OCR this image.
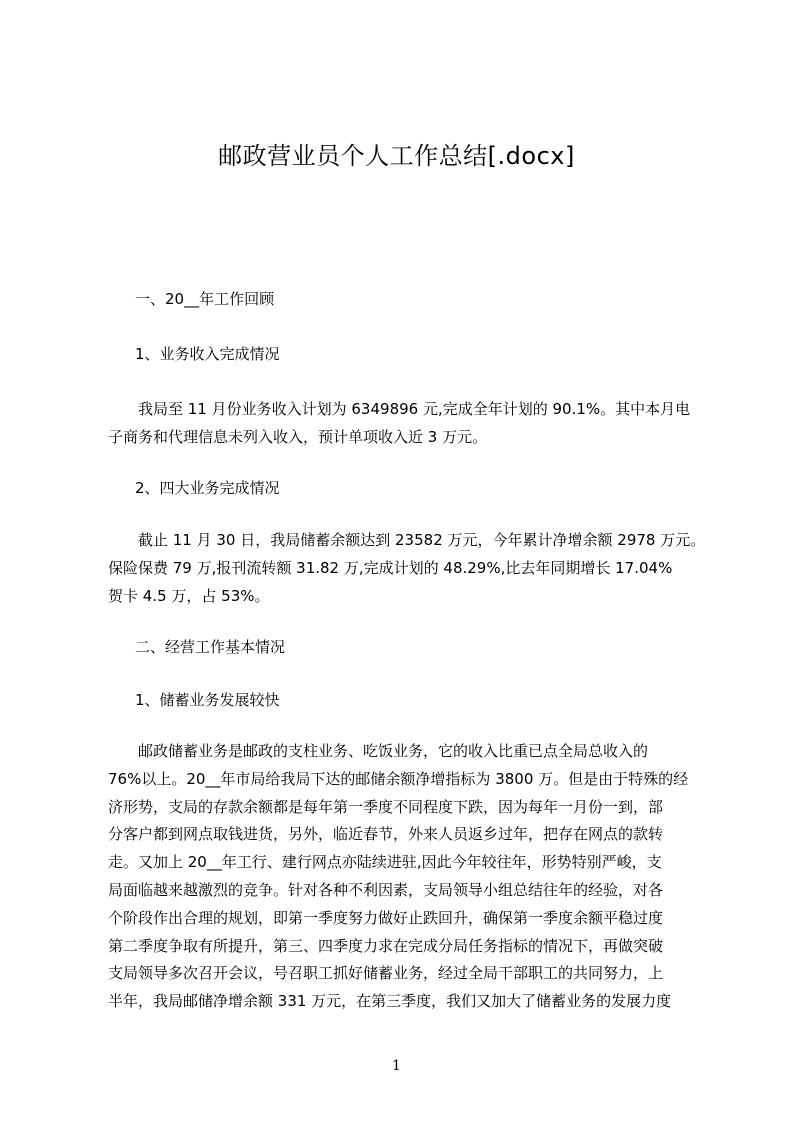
邮政营业员个人工作总结[.docx]
一、20__年工作回顾
1、业务收入完成情况
　　我局至 11 月份业务收入计划为 6349896 元,完成全年计划的 90.1%。其中本月电
子商务和代理信息未列入收入，预计单项收入近 3 万元。
2、四大业务完成情况
　　截止 11 月 30 日，我局储蓄余额达到 23582 万元，今年累计净增余额 2978 万元。
保险保费 79 万,报刊流转额 31.82 万,完成计划的 48.29%,比去年同期增长 17.04%
贺卡 4.5 万，占 53%。
二、经营工作基本情况
1、储蓄业务发展较快
　　邮政储蓄业务是邮政的支柱业务、吃饭业务，它的收入比重已点全局总收入的
76%以上。20__年市局给我局下达的邮储余额净增指标为 3800 万。但是由于特殊的经
济形势，支局的存款余额都是每年第一季度不同程度下跌，因为每年一月份一到，部
分客户都到网点取钱进货，另外，临近春节，外来人员返乡过年，把存在网点的款转
走。又加上 20__年工行、建行网点亦陆续进驻,因此今年较往年，形势特别严峻，支
局面临越来越激烈的竞争。针对各种不利因素，支局领导小组总结往年的经验，对各
个阶段作出合理的规划，即第一季度努力做好止跌回升，确保第一季度余额平稳过度
第二季度争取有所提升，第三、四季度力求在完成分局任务指标的情况下，再做突破
支局领导多次召开会议，号召职工抓好储蓄业务，经过全局干部职工的共同努力，上
半年，我局邮储净增余额 331 万元，在第三季度，我们又加大了储蓄业务的发展力度
1
